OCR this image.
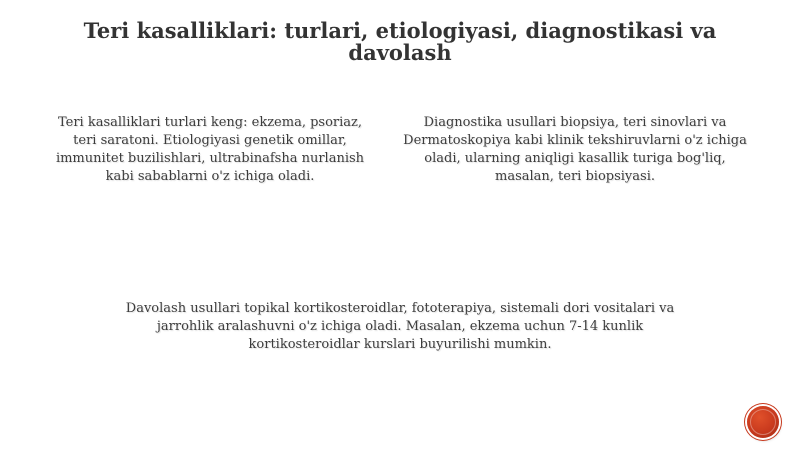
Teri kasalliklari: turlari, etiologiyasi, diagnostikasi va davolash

Teri kasalliklari turlari keng: ekzema, psoriaz, teri saratoni. Etiologiyasi genetik omillar, immunitet buzilishlari, ultrabinafsha nurlanish kabi sabablarni o'z ichiga oladi.

Diagnostika usullari biopsiya, teri sinovlari va Dermatoskopiya kabi klinik tekshiruvlarni o'z ichiga oladi, ularning aniqligi kasallik turiga bog'liq, masalan, teri biopsiyasi.

Davolash usullari topikal kortikosteroidlar, fototerapiya, sistemali dori vositalari va jarrohlik aralashuvni o'z ichiga oladi. Masalan, ekzema uchun 7-14 kunlik kortikosteroidlar kurslari buyurilishi mumkin.
